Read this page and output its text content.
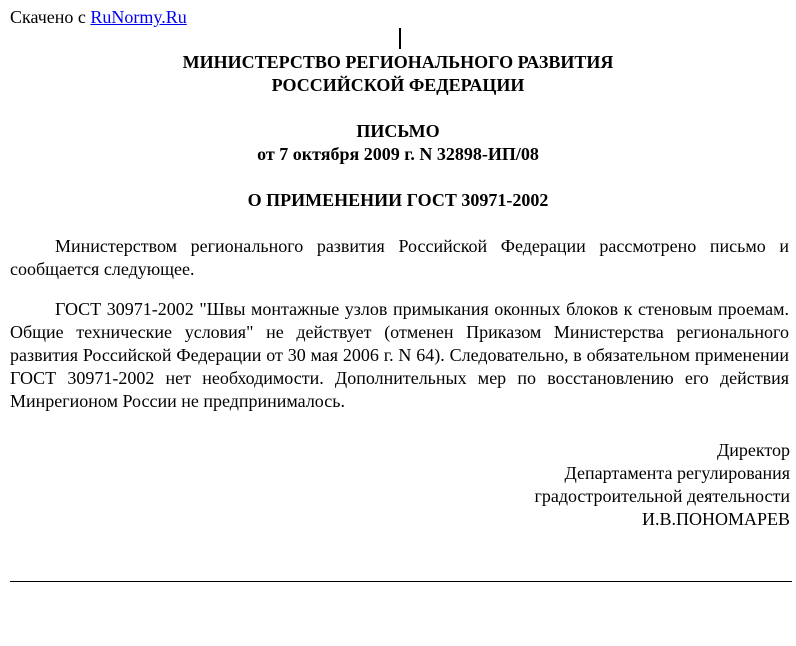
Скачено с RuNormy.Ru
МИНИСТЕРСТВО РЕГИОНАЛЬНОГО РАЗВИТИЯ
РОССИЙСКОЙ ФЕДЕРАЦИИ
ПИСЬМО
от 7 октября 2009 г. N 32898-ИП/08
О ПРИМЕНЕНИИ ГОСТ 30971-2002
Министерством регионального развития Российской Федерации рассмотрено письмо и сообщается следующее.
ГОСТ 30971-2002 "Швы монтажные узлов примыкания оконных блоков к стеновым проемам. Общие технические условия" не действует (отменен Приказом Министерства регионального развития Российской Федерации от 30 мая 2006 г. N 64). Следовательно, в обязательном применении ГОСТ 30971-2002 нет необходимости. Дополнительных мер по восстановлению его действия Минрегионом России не предпринималось.
Директор
Департамента регулирования
градостроительной деятельности
И.В.ПОНОМАРЕВ
